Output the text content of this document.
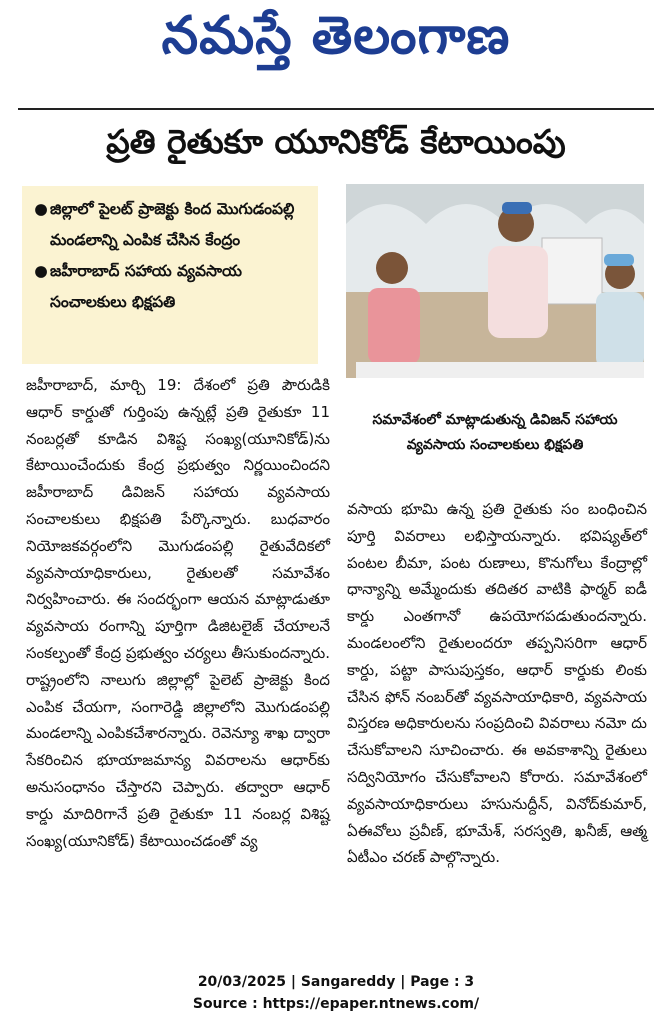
నమస్తే తెలంగాణ
ప్రతి రైతుకూ యూనికోడ్ కేటాయింపు
● జిల్లాలో పైలట్ ప్రాజెక్టు కింద మొగుడంపల్లి మండలాన్ని ఎంపిక చేసిన కేంద్రం
● జహీరాబాద్ సహాయ వ్యవసాయ సంచాలకులు భిక్షపతి
సమావేశంలో మాట్లాడుతున్న డివిజన్ సహాయ వ్యవసాయ సంచాలకులు భిక్షపతి

జహీరాబాద్, మార్చి 19: దేశంలో ప్రతి పౌరుడికి ఆధార్ కార్డుతో గుర్తింపు ఉన్నట్లే ప్రతి రైతుకూ 11 నంబర్లతో కూడిన విశిష్ట సంఖ్య(యూనికోడ్)ను కేటాయించేందుకు కేంద్ర ప్రభుత్వం నిర్ణయించిందని జహీరాబాద్ డివిజన్ సహాయ వ్యవసాయ సంచాలకులు భిక్షపతి పేర్కొన్నారు. బుధవారం నియోజకవర్గంలోని మొగుడంపల్లి రైతువేదికలో వ్యవసాయాధికారులు, రైతులతో సమావేశం నిర్వహించారు. ఈ సందర్భంగా ఆయన మాట్లాడుతూ వ్యవసాయ రంగాన్ని పూర్తిగా డిజిటలైజ్ చేయాలనే సంకల్పంతో కేంద్ర ప్రభుత్వం చర్యలు తీసుకుందన్నారు. రాష్ట్రంలోని నాలుగు జిల్లాల్లో పైలెట్ ప్రాజెక్టు కింద ఎంపిక చేయగా, సంగారెడ్డి జిల్లాలోని మొగుడంపల్లి మండలాన్ని ఎంపికచేశారన్నారు. రెవెన్యూ శాఖ ద్వారా సేకరించిన భూయాజమాన్య వివరాలను ఆధార్‌కు అనుసంధానం చేస్తారని చెప్పారు. తద్వారా ఆధార్ కార్డు మాదిరిగానే ప్రతి రైతుకూ 11 నంబర్ల విశిష్ట సంఖ్య(యూనికోడ్) కేటాయించడంతో వ్య

వసాయ భూమి ఉన్న ప్రతి రైతుకు సం బంధించిన పూర్తి వివరాలు లభిస్తాయన్నారు. భవిష్యత్‌లో పంటల బీమా, పంట రుణాలు, కొనుగోలు కేంద్రాల్లో ధాన్యాన్ని అమ్మేందుకు తదితర వాటికి ఫార్మర్ ఐడీ కార్డు ఎంతగానో ఉపయోగపడుతుందన్నారు. మండలంలోని రైతులందరూ తప్పనిసరిగా ఆధార్ కార్డు, పట్టా పాసుపుస్తకం, ఆధార్ కార్డుకు లింకు చేసిన ఫోన్ నంబర్‌తో వ్యవసాయాధికారి, వ్యవసాయ విస్తరణ అధికారులను సంప్రదించి వివరాలు నమో దు చేసుకోవాలని సూచించారు. ఈ అవకాశాన్ని రైతులు సద్వినియోగం చేసుకోవాలని కోరారు. సమావేశంలో వ్యవసాయాధికారులు హసునుద్దీన్, వినోద్‌కుమార్, ఏఈవోలు ప్రవీణ్, భూమేశ్, సరస్వతి, ఖనీజ్, ఆత్మ ఏటీఎం చరణ్ పాల్గొన్నారు.

20/03/2025 | Sangareddy | Page : 3
Source : https://epaper.ntnews.com/
